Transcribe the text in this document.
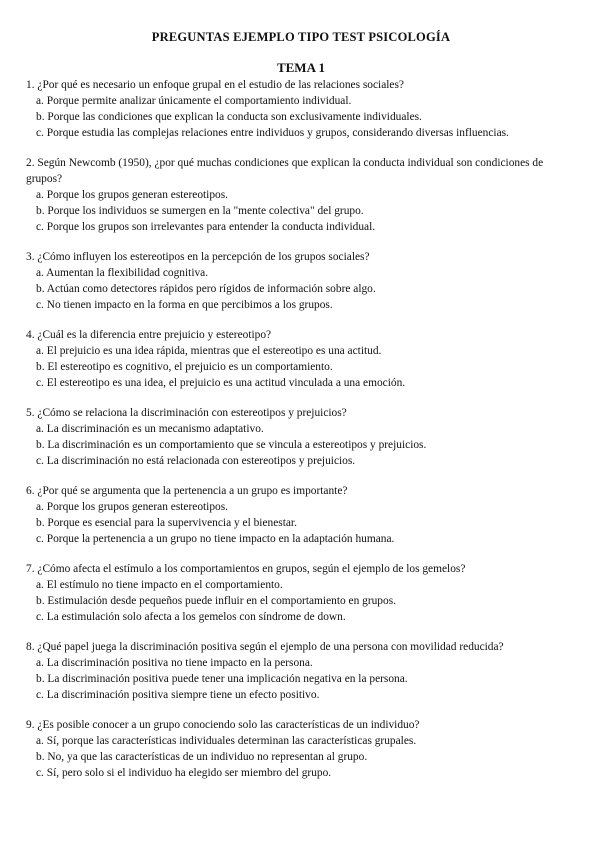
PREGUNTAS EJEMPLO TIPO TEST PSICOLOGÍA
TEMA 1
1. ¿Por qué es necesario un enfoque grupal en el estudio de las relaciones sociales?
a. Porque permite analizar únicamente el comportamiento individual.
b. Porque las condiciones que explican la conducta son exclusivamente individuales.
c. Porque estudia las complejas relaciones entre individuos y grupos, considerando diversas influencias.
2. Según Newcomb (1950), ¿por qué muchas condiciones que explican la conducta individual son condiciones de grupos?
a. Porque los grupos generan estereotipos.
b. Porque los individuos se sumergen en la "mente colectiva" del grupo.
c. Porque los grupos son irrelevantes para entender la conducta individual.
3. ¿Cómo influyen los estereotipos en la percepción de los grupos sociales?
a. Aumentan la flexibilidad cognitiva.
b. Actúan como detectores rápidos pero rígidos de información sobre algo.
c. No tienen impacto en la forma en que percibimos a los grupos.
4. ¿Cuál es la diferencia entre prejuicio y estereotipo?
a. El prejuicio es una idea rápida, mientras que el estereotipo es una actitud.
b. El estereotipo es cognitivo, el prejuicio es un comportamiento.
c. El estereotipo es una idea, el prejuicio es una actitud vinculada a una emoción.
5. ¿Cómo se relaciona la discriminación con estereotipos y prejuicios?
a. La discriminación es un mecanismo adaptativo.
b. La discriminación es un comportamiento que se vincula a estereotipos y prejuicios.
c. La discriminación no está relacionada con estereotipos y prejuicios.
6. ¿Por qué se argumenta que la pertenencia a un grupo es importante?
a. Porque los grupos generan estereotipos.
b. Porque es esencial para la supervivencia y el bienestar.
c. Porque la pertenencia a un grupo no tiene impacto en la adaptación humana.
7. ¿Cómo afecta el estímulo a los comportamientos en grupos, según el ejemplo de los gemelos?
a. El estímulo no tiene impacto en el comportamiento.
b. Estimulación desde pequeños puede influir en el comportamiento en grupos.
c. La estimulación solo afecta a los gemelos con síndrome de down.
8. ¿Qué papel juega la discriminación positiva según el ejemplo de una persona con movilidad reducida?
a. La discriminación positiva no tiene impacto en la persona.
b. La discriminación positiva puede tener una implicación negativa en la persona.
c. La discriminación positiva siempre tiene un efecto positivo.
9. ¿Es posible conocer a un grupo conociendo solo las características de un individuo?
a. Sí, porque las características individuales determinan las características grupales.
b. No, ya que las características de un individuo no representan al grupo.
c. Sí, pero solo si el individuo ha elegido ser miembro del grupo.
